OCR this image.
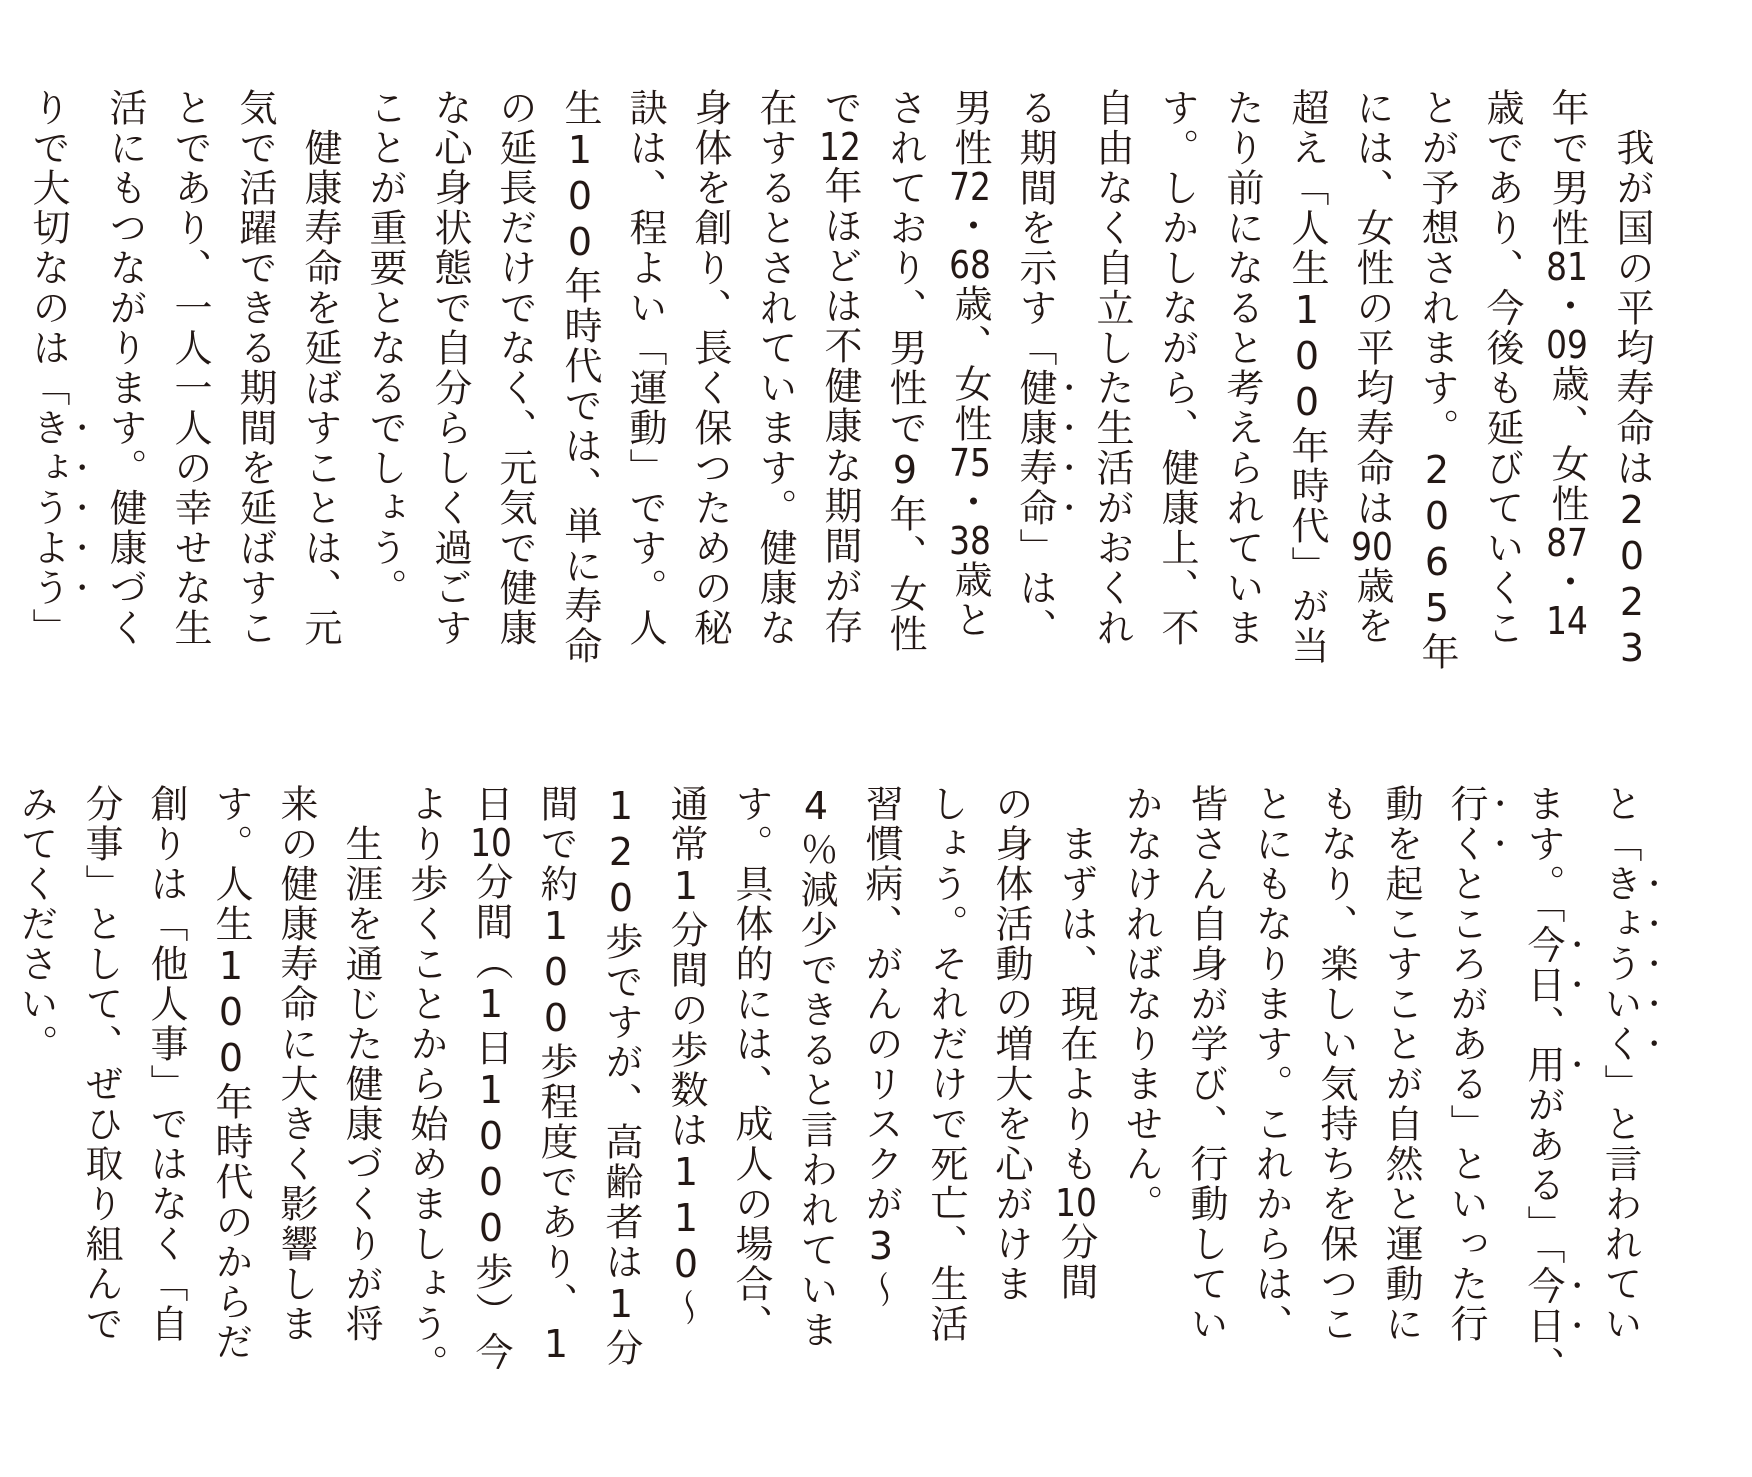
　我が国の平均寿命は2023
年で男性81・09歳、女性87・14
歳であり、今後も延びていくこ
とが予想されます。2065年
には、女性の平均寿命は90歳を
超え「人生100年時代」が当
たり前になると考えられていま
す。しかしながら、健康上、不
自由なく自立した生活がおくれ
る期間を示す「健康寿命」は、
男性72・68歳、女性75・38歳と
されており、男性で9年、女性
で12年ほどは不健康な期間が存
在するとされています。健康な
身体を創り、長く保つための秘
訣は、程よい「運動」です。人
生100年時代では、単に寿命
の延長だけでなく、元気で健康
な心身状態で自分らしく過ごす
ことが重要となるでしょう。
　健康寿命を延ばすことは、元
気で活躍できる期間を延ばすこ
とであり、一人一人の幸せな生
活にもつながります。健康づく
りで大切なのは「きょうよう」
と「きょういく」と言われてい
ます。「今日、用がある」「今日、
行くところがある」といった行
動を起こすことが自然と運動に
もなり、楽しい気持ちを保つこ
とにもなります。これからは、
皆さん自身が学び、行動してい
かなければなりません。
　まずは、現在よりも10分間
の身体活動の増大を心がけま
しょう。それだけで死亡、生活
習慣病、がんのリスクが3〜
4％減少できると言われていま
す。具体的には、成人の場合、
通常1分間の歩数は110〜
120歩ですが、高齢者は1分
間で約100歩程度であり、1
日10分間（1日1000歩）今
より歩くことから始めましょう。
　生涯を通じた健康づくりが将
来の健康寿命に大きく影響しま
す。人生100年時代のからだ
創りは「他人事」ではなく「自
分事」として、ぜひ取り組んで
みてください。
